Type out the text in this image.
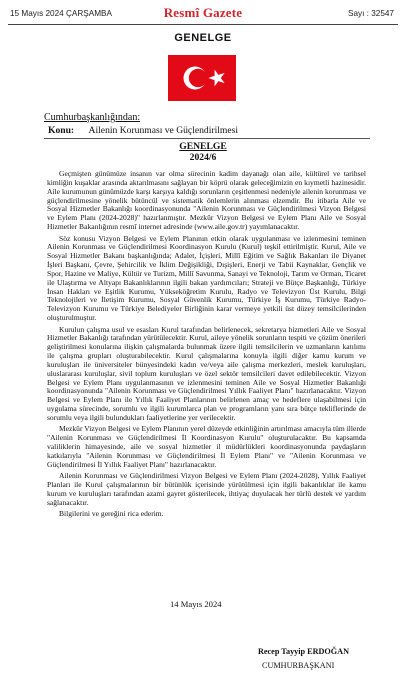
15 Mayıs 2024 ÇARŞAMBA	Resmî Gazete	Sayı : 32547
GENELGE
Cumhurbaşkanlığından:
Konu: Ailenin Korunması ve Güçlendirilmesi
GENELGE
2024/6

Geçmişten günümüze insanın var olma sürecinin kadim dayanağı olan aile, kültürel ve tarihsel kimliğin kuşaklar arasında aktarılmasını sağlayan bir köprü olarak geleceğimizin en kıymetli hazinesidir. Aile kurumunun günümüzde karşı karşıya kaldığı sorunların çeşitlenmesi nedeniyle ailenin korunması ve güçlendirilmesine yönelik bütüncül ve sistematik önlemlerin alınması elzemdir. Bu itibarla Aile ve Sosyal Hizmetler Bakanlığı koordinasyonunda "Ailenin Korunması ve Güçlendirilmesi Vizyon Belgesi ve Eylem Planı (2024-2028)" hazırlanmıştır. Mezkûr Vizyon Belgesi ve Eylem Planı Aile ve Sosyal Hizmetler Bakanlığının resmî internet adresinde (www.aile.gov.tr) yayımlanacaktır.

Söz konusu Vizyon Belgesi ve Eylem Planının etkin olarak uygulanması ve izlenmesini teminen Ailenin Korunması ve Güçlendirilmesi Koordinasyon Kurulu (Kurul) teşkil ettirilmiştir. Kurul, Aile ve Sosyal Hizmetler Bakanı başkanlığında; Adalet, İçişleri, Millî Eğitim ve Sağlık Bakanları ile Diyanet İşleri Başkanı, Çevre, Şehircilik ve İklim Değişikliği, Dışişleri, Enerji ve Tabii Kaynaklar, Gençlik ve Spor, Hazine ve Maliye, Kültür ve Turizm, Millî Savunma, Sanayi ve Teknoloji, Tarım ve Orman, Ticaret ile Ulaştırma ve Altyapı Bakanlıklarının ilgili bakan yardımcıları; Strateji ve Bütçe Başkanlığı, Türkiye İnsan Hakları ve Eşitlik Kurumu, Yükseköğretim Kurulu, Radyo ve Televizyon Üst Kurulu, Bilgi Teknolojileri ve İletişim Kurumu, Sosyal Güvenlik Kurumu, Türkiye İş Kurumu, Türkiye Radyo-Televizyon Kurumu ve Türkiye Belediyeler Birliğinin karar vermeye yetkili üst düzey temsilcilerinden oluşturulmuştur.

Kurulun çalışma usul ve esasları Kurul tarafından belirlenecek, sekretarya hizmetleri Aile ve Sosyal Hizmetler Bakanlığı tarafından yürütülecektir. Kurul, aileye yönelik sorunların tespiti ve çözüm önerileri geliştirilmesi konularına ilişkin çalışmalarda bulunmak üzere ilgili temsilcilerin ve uzmanların katılımı ile çalışma grupları oluşturabilecektir. Kurul çalışmalarına konuyla ilgili diğer kamu kurum ve kuruluşları ile üniversiteler bünyesindeki kadın ve/veya aile çalışma merkezleri, meslek kuruluşları, uluslararası kuruluşlar, sivil toplum kuruluşları ve özel sektör temsilcileri davet edilebilecektir. Vizyon Belgesi ve Eylem Planı uygulanmasının ve izlenmesini teminen Aile ve Sosyal Hizmetler Bakanlığı koordinasyonunda "Ailenin Korunması ve Güçlendirilmesi Yıllık Faaliyet Planı" hazırlanacaktır. Vizyon Belgesi ve Eylem Planı ile Yıllık Faaliyet Planlarının belirlenen amaç ve hedeflere ulaşabilmesi için uygulama sürecinde, sorumlu ve ilgili kurumlarca plan ve programların yanı sıra bütçe tekliflerinde de sorumlu veya ilgili bulundukları faaliyetlerine yer verilecektir.

Mezkûr Vizyon Belgesi ve Eylem Planının yerel düzeyde etkinliğinin artırılması amacıyla tüm illerde "Ailenin Korunması ve Güçlendirilmesi İl Koordinasyon Kurulu" oluşturulacaktır. Bu kapsamda valiliklerin himayesinde, aile ve sosyal hizmetler il müdürlükleri koordinasyonunda paydaşların katkılarıyla "Ailenin Korunması ve Güçlendirilmesi İl Eylem Planı" ve "Ailenin Korunması ve Güçlendirilmesi İl Yıllık Faaliyet Planı" hazırlanacaktır.

Ailenin Korunması ve Güçlendirilmesi Vizyon Belgesi ve Eylem Planı (2024-2028), Yıllık Faaliyet Planları ile Kurul çalışmalarının bir bütünlük içerisinde yürütülmesi için ilgili bakanlıklar ile kamu kurum ve kuruluşları tarafından azami gayret gösterilecek, ihtiyaç duyulacak her türlü destek ve yardım sağlanacaktır.

Bilgilerini ve gereğini rica ederim.

14 Mayıs 2024
Recep Tayyip ERDOĞAN
CUMHURBAŞKANI
